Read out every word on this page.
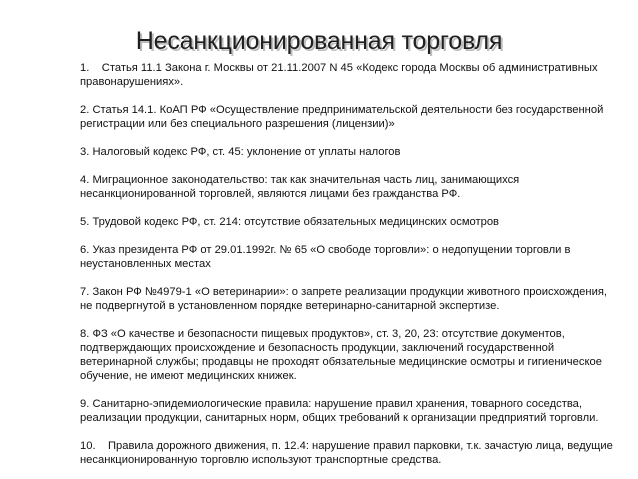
Несанкционированная торговля
1.    Статья 11.1 Закона г. Москвы от 21.11.2007 N 45 «Кодекс города Москвы об административных правонарушениях».
2. Статья 14.1. КоАП РФ «Осуществление предпринимательской деятельности без государственной регистрации или без специального разрешения (лицензии)»
3. Налоговый кодекс РФ, ст. 45: уклонение от уплаты налогов
4. Миграционное законодательство: так как значительная часть лиц, занимающихся несанкционированной торговлей, являются лицами без гражданства РФ.
5. Трудовой кодекс РФ, ст. 214: отсутствие обязательных медицинских осмотров
6. Указ президента РФ от 29.01.1992г. № 65 «О свободе торговли»: о недопущении торговли в неустановленных местах
7. Закон РФ №4979-1 «О ветеринарии»: о запрете реализации продукции животного происхождения, не подвергнутой в установленном порядке ветеринарно-санитарной экспертизе.
8. ФЗ «О качестве и безопасности пищевых продуктов», ст. 3, 20, 23: отсутствие документов, подтверждающих происхождение и безопасность продукции, заключений государственной ветеринарной службы; продавцы не проходят обязательные медицинские осмотры и гигиеническое обучение, не имеют медицинских книжек.
9. Санитарно-эпидемиологические правила: нарушение правил хранения, товарного соседства, реализации продукции, санитарных норм, общих требований к организации предприятий торговли.
10.    Правила дорожного движения, п. 12.4: нарушение правил парковки, т.к. зачастую лица, ведущие несанкционированную торговлю используют транспортные средства.
